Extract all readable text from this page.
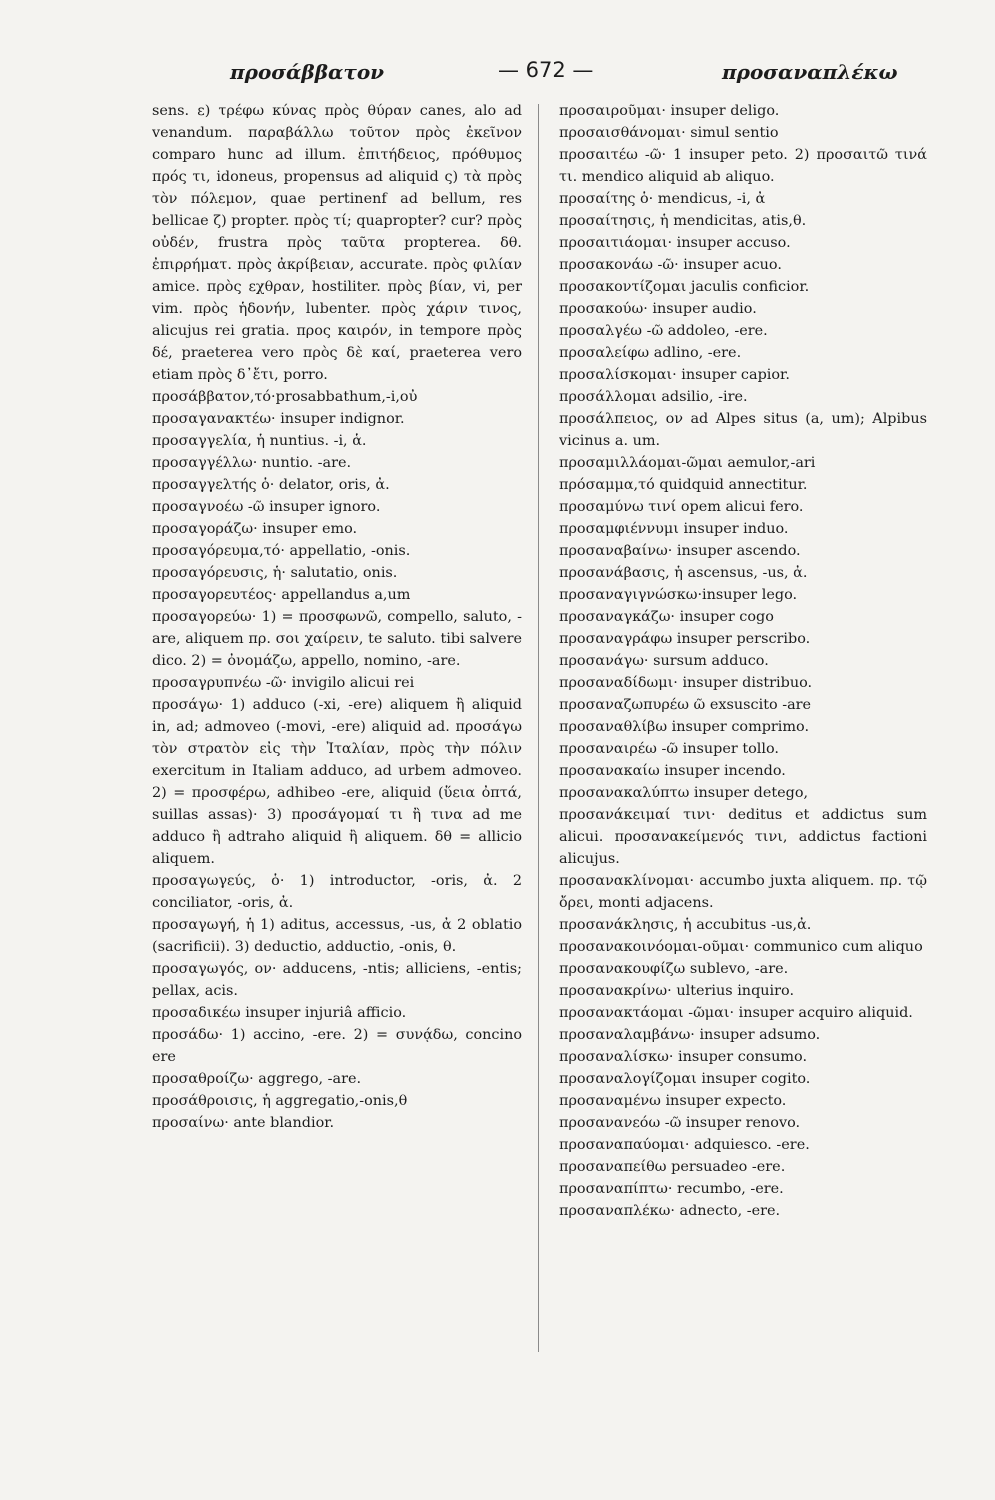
προσάββατον	— 672 —	προσαναπλέκω

sens. ε) τρέφω κύνας πρὸς θύραν canes, alo ad venandum. παραβάλλω τοῦτον πρὸς ἐκεῖνον comparo hunc ad illum. ἐπιτήδειος, πρόθυμος πρός τι, idoneus, propensus ad aliquid ς) τὰ πρὸς τὸν πόλεμον, quae pertinenf ad bellum, res bellicae ζ) propter. πρὸς τί; quapropter? cur? πρὸς οὐδέν, frustra πρὸς ταῦτα propterea. δθ. ἐπιρρήματ. πρὸς ἀκρίβειαν, accurate. πρὸς φιλίαν amice. πρὸς εχθραν, hostiliter. πρὸς βίαν, vi, per vim. πρὸς ἡδονήν, lubenter. πρὸς χάριν τινος, alicujus rei gratia. προς καιρόν, in tempore πρὸς δέ, praeterea vero πρὸς δὲ καί, praeterea vero etiam πρὸς δ᾽ἔτι, porro.

προσάββατον,τό·prosabbathum,-i,οὐ

προσαγανακτέω· insuper indignor.

προσαγγελία, ἡ nuntius. -i, ἁ.

προσαγγέλλω· nuntio. -are.

προσαγγελτής ὁ· delator, oris, ἀ.

προσαγνοέω -ῶ insuper ignoro.

προσαγοράζω· insuper emo.

προσαγόρευμα,τό· appellatio, -onis.

προσαγόρευσις, ἡ· salutatio, onis.

προσαγορευτέος· appellandus a,um

προσαγορεύω· 1) = προσφωνῶ, compello, saluto, -are, aliquem πρ. σοι χαίρειν, te saluto. tibi salvere dico. 2) = ὀνομάζω, appello, nomino, -are.

προσαγρυπνέω -ῶ· invigilo alicui rei

προσάγω· 1) adduco (-xi, -ere) aliquem ἢ aliquid in, ad; admoveo (-movi, -ere) aliquid ad. προσάγω τὸν στρατὸν εἰς τὴν Ἰταλίαν, πρὸς τὴν πόλιν exercitum in Italiam adduco, ad urbem admoveo. 2) = προσφέρω, adhibeo -ere, aliquid (ὕεια ὀπτά, suillas assas)· 3) προσάγομαί τι ἢ τινα ad me adduco ἢ adtraho aliquid ἢ aliquem. δθ = allicio aliquem.

προσαγωγεύς, ὁ· 1) introductor, -oris, ἀ. 2 conciliator, -oris, ἀ.

προσαγωγή, ἡ 1) aditus, accessus, -us, ἀ 2 oblatio (sacrificii). 3) deductio, adductio, -onis, θ.

προσαγωγός, ον· adducens, -ntis; alliciens, -entis; pellax, acis.

προσαδικέω insuper injuriâ afficio.

προσάδω· 1) accino, -ere. 2) = συνᾴδω, concino ere

προσαθροίζω· aggrego, -are.

προσάθροισις, ἡ aggregatio,-onis,θ

προσαίνω· ante blandior.

προσαιροῦμαι· insuper deligo.

προσαισθάνομαι· simul sentio

προσαιτέω -ῶ· 1 insuper peto. 2) προσαιτῶ τινά τι. mendico aliquid ab aliquo.

προσαίτης ὁ· mendicus, -i, ἀ

προσαίτησις, ἡ mendicitas, atis,θ.

προσαιτιάομαι· insuper accuso.

προσακονάω -ῶ· insuper acuo.

προσακοντίζομαι jaculis conficior.

προσακούω· insuper audio.

προσαλγέω -ῶ addoleo, -ere.

προσαλείφω adlino, -ere.

προσαλίσκομαι· insuper capior.

προσάλλομαι adsilio, -ire.

προσάλπειος, ον ad Alpes situs (a, um); Alpibus vicinus a. um.

προσαμιλλάομαι-ῶμαι aemulor,-ari

πρόσαμμα,τό quidquid annectitur.

προσαμύνω τινί opem alicui fero.

προσαμφιέννυμι insuper induo.

προσαναβαίνω· insuper ascendo.

προσανάβασις, ἡ ascensus, -us, ἀ.

προσαναγιγνώσκω·insuper lego.

προσαναγκάζω· insuper cogo

προσαναγράφω insuper perscribo.

προσανάγω· sursum adduco.

προσαναδίδωμι· insuper distribuo.

προσαναζωπυρέω ῶ exsuscito -are

προσαναθλίβω insuper comprimo.

προσαναιρέω -ῶ insuper tollo.

προσανακαίω insuper incendo.

προσανακαλύπτω insuper detego,

προσανάκειμαί τινι· deditus et addictus sum alicui. προσανακείμενός τινι, addictus factioni alicujus.

προσανακλίνομαι· accumbo juxta aliquem. πρ. τῷ ὄρει, monti adjacens.

προσανάκλησις, ἡ accubitus -us,ἀ.

προσανακοινόομαι-οῦμαι· communico cum aliquo

προσανακουφίζω sublevo, -are.

προσανακρίνω· ulterius inquiro.

προσανακτάομαι -ῶμαι· insuper acquiro aliquid.

προσαναλαμβάνω· insuper adsumo.

προσαναλίσκω· insuper consumo.

προσαναλογίζομαι insuper cogito.

προσαναμένω insuper expecto.

προσανανεόω -ῶ insuper renovo.

προσαναπαύομαι· adquiesco. -ere.

προσαναπείθω persuadeo -ere.

προσαναπίπτω· recumbo, -ere.

προσαναπλέκω· adnecto, -ere.
